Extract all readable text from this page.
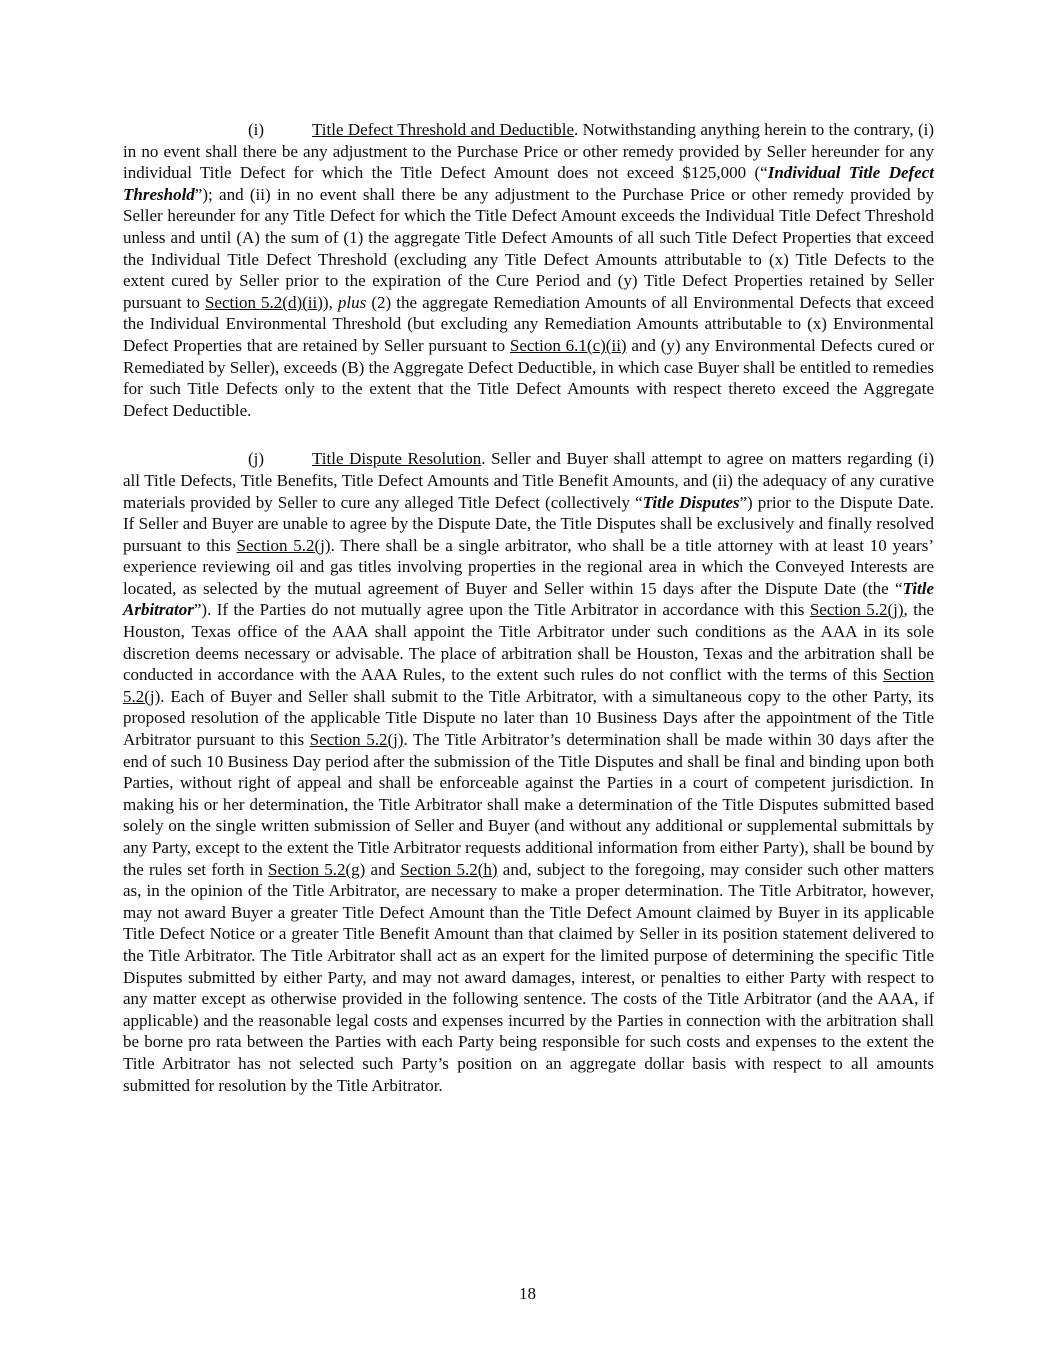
(i)	Title Defect Threshold and Deductible. Notwithstanding anything herein to the contrary, (i) in no event shall there be any adjustment to the Purchase Price or other remedy provided by Seller hereunder for any individual Title Defect for which the Title Defect Amount does not exceed $125,000 (“Individual Title Defect Threshold”); and (ii) in no event shall there be any adjustment to the Purchase Price or other remedy provided by Seller hereunder for any Title Defect for which the Title Defect Amount exceeds the Individual Title Defect Threshold unless and until (A) the sum of (1) the aggregate Title Defect Amounts of all such Title Defect Properties that exceed the Individual Title Defect Threshold (excluding any Title Defect Amounts attributable to (x) Title Defects to the extent cured by Seller prior to the expiration of the Cure Period and (y) Title Defect Properties retained by Seller pursuant to Section 5.2(d)(ii)), plus (2) the aggregate Remediation Amounts of all Environmental Defects that exceed the Individual Environmental Threshold (but excluding any Remediation Amounts attributable to (x) Environmental Defect Properties that are retained by Seller pursuant to Section 6.1(c)(ii) and (y) any Environmental Defects cured or Remediated by Seller), exceeds (B) the Aggregate Defect Deductible, in which case Buyer shall be entitled to remedies for such Title Defects only to the extent that the Title Defect Amounts with respect thereto exceed the Aggregate Defect Deductible.

(j)	Title Dispute Resolution. Seller and Buyer shall attempt to agree on matters regarding (i) all Title Defects, Title Benefits, Title Defect Amounts and Title Benefit Amounts, and (ii) the adequacy of any curative materials provided by Seller to cure any alleged Title Defect (collectively “Title Disputes”) prior to the Dispute Date. If Seller and Buyer are unable to agree by the Dispute Date, the Title Disputes shall be exclusively and finally resolved pursuant to this Section 5.2(j). There shall be a single arbitrator, who shall be a title attorney with at least 10 years’ experience reviewing oil and gas titles involving properties in the regional area in which the Conveyed Interests are located, as selected by the mutual agreement of Buyer and Seller within 15 days after the Dispute Date (the “Title Arbitrator”). If the Parties do not mutually agree upon the Title Arbitrator in accordance with this Section 5.2(j), the Houston, Texas office of the AAA shall appoint the Title Arbitrator under such conditions as the AAA in its sole discretion deems necessary or advisable. The place of arbitration shall be Houston, Texas and the arbitration shall be conducted in accordance with the AAA Rules, to the extent such rules do not conflict with the terms of this Section 5.2(j). Each of Buyer and Seller shall submit to the Title Arbitrator, with a simultaneous copy to the other Party, its proposed resolution of the applicable Title Dispute no later than 10 Business Days after the appointment of the Title Arbitrator pursuant to this Section 5.2(j). The Title Arbitrator’s determination shall be made within 30 days after the end of such 10 Business Day period after the submission of the Title Disputes and shall be final and binding upon both Parties, without right of appeal and shall be enforceable against the Parties in a court of competent jurisdiction. In making his or her determination, the Title Arbitrator shall make a determination of the Title Disputes submitted based solely on the single written submission of Seller and Buyer (and without any additional or supplemental submittals by any Party, except to the extent the Title Arbitrator requests additional information from either Party), shall be bound by the rules set forth in Section 5.2(g) and Section 5.2(h) and, subject to the foregoing, may consider such other matters as, in the opinion of the Title Arbitrator, are necessary to make a proper determination. The Title Arbitrator, however, may not award Buyer a greater Title Defect Amount than the Title Defect Amount claimed by Buyer in its applicable Title Defect Notice or a greater Title Benefit Amount than that claimed by Seller in its position statement delivered to the Title Arbitrator. The Title Arbitrator shall act as an expert for the limited purpose of determining the specific Title Disputes submitted by either Party, and may not award damages, interest, or penalties to either Party with respect to any matter except as otherwise provided in the following sentence. The costs of the Title Arbitrator (and the AAA, if applicable) and the reasonable legal costs and expenses incurred by the Parties in connection with the arbitration shall be borne pro rata between the Parties with each Party being responsible for such costs and expenses to the extent the Title Arbitrator has not selected such Party’s position on an aggregate dollar basis with respect to all amounts submitted for resolution by the Title Arbitrator.

18
